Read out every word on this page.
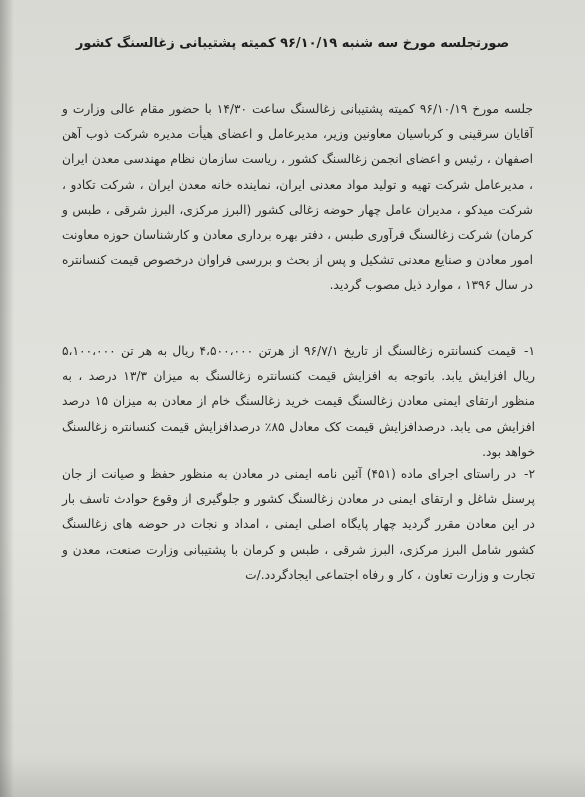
صورتجلسه مورخ سه شنبه ۹۶/۱۰/۱۹ کمیته پشتیبانی زغالسنگ کشور

جلسه مورخ ۹۶/۱۰/۱۹ کمیته پشتیبانی زغالسنگ ساعت ۱۴/۳۰ با حضور مقام عالی وزارت و آقایان سرقینی و کرباسیان معاونین وزیر، مدیرعامل و اعضای هیأت مدیره شرکت ذوب آهن اصفهان ، رئیس و اعضای انجمن زغالسنگ کشور ، ریاست سازمان نظام مهندسی معدن ایران ، مدیرعامل شرکت تهیه و تولید مواد معدنی ایران، نماینده خانه معدن ایران ، شرکت تکادو ، شرکت میدکو ، مدیران عامل چهار حوضه زغالی کشور (البرز مرکزی، البرز شرقی ، طبس و کرمان) شرکت زغالسنگ فرآوری طبس ، دفتر بهره برداری معادن و کارشناسان حوزه معاونت امور معادن و صنایع معدنی تشکیل و پس از بحث و بررسی فراوان درخصوص قیمت کنسانتره در سال ۱۳۹۶ ، موارد ذیل مصوب گردید.

۱-قیمت کنسانتره زغالسنگ از تاریخ ۹۶/۷/۱ از هرتن ۴،۵۰۰،۰۰۰ ریال به هر تن ۵،۱۰۰،۰۰۰ ریال افزایش یابد. باتوجه به افزایش قیمت کنسانتره زغالسنگ به میزان ۱۳/۳ درصد ، به منظور ارتقای ایمنی معادن زغالسنگ قیمت خرید زغالسنگ خام از معادن به میزان ۱۵ درصد افزایش می یابد. درصدافزایش قیمت کک معادل ۸۵٪ درصدافزایش قیمت کنسانتره زغالسنگ خواهد بود.

۲-در راستای اجرای ماده (۴۵۱) آئین نامه ایمنی در معادن به منظور حفظ و صیانت از جان پرسنل شاغل و ارتقای ایمنی در معادن زغالسنگ کشور و جلوگیری از وقوع حوادث تاسف بار در این معادن مقرر گردید چهار پایگاه اصلی ایمنی ، امداد و نجات در حوضه های زغالسنگ کشور شامل البرز مرکزی، البرز شرقی ، طبس و کرمان با پشتیبانی وزارت صنعت، معدن و تجارت و وزارت تعاون ، کار و رفاه اجتماعی ایجادگردد./ت
